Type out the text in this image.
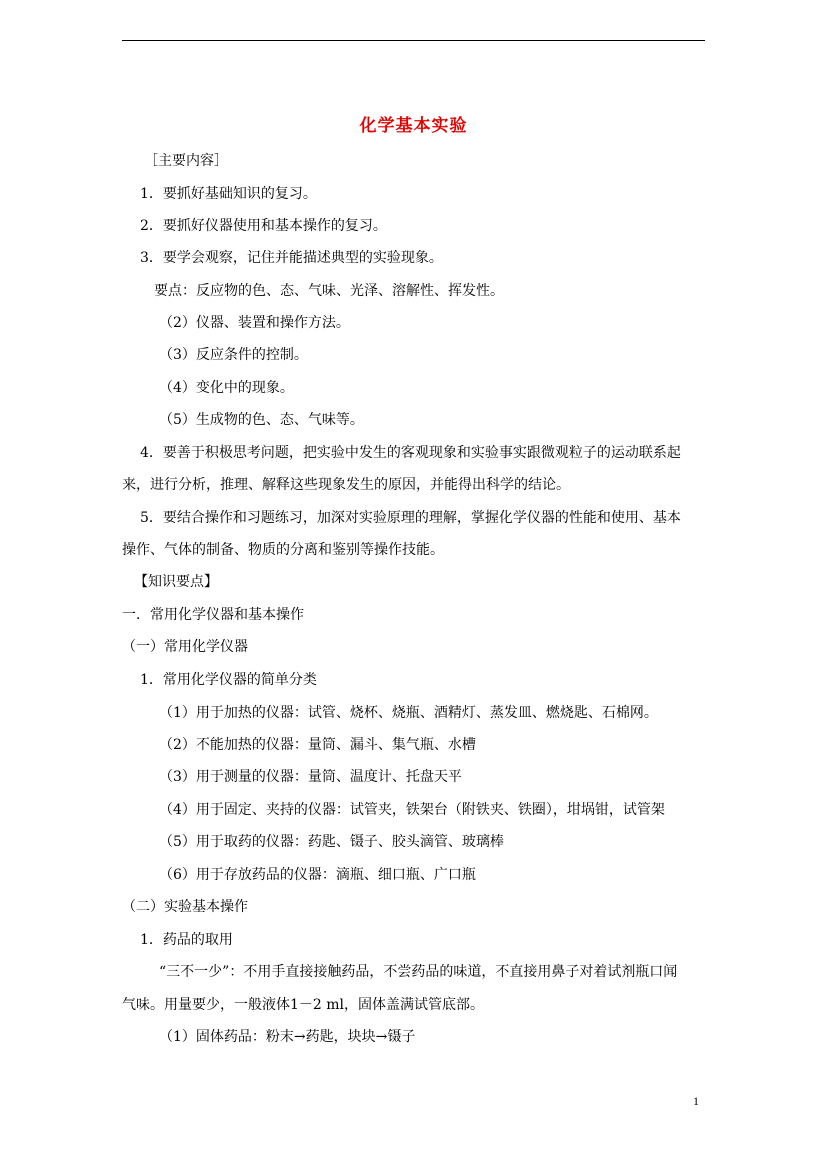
化学基本实验
［主要内容］
1．要抓好基础知识的复习。
2．要抓好仪器使用和基本操作的复习。
3．要学会观察，记住并能描述典型的实验现象。
要点：反应物的色、态、气味、光泽、溶解性、挥发性。
（2）仪器、装置和操作方法。
（3）反应条件的控制。
（4）变化中的现象。
（5）生成物的色、态、气味等。
4．要善于积极思考问题，把实验中发生的客观现象和实验事实跟微观粒子的运动联系起
来，进行分析，推理、解释这些现象发生的原因，并能得出科学的结论。
5．要结合操作和习题练习，加深对实验原理的理解，掌握化学仪器的性能和使用、基本
操作、气体的制备、物质的分离和鉴别等操作技能。
【知识要点】
一．常用化学仪器和基本操作
（一）常用化学仪器
1．常用化学仪器的简单分类
（1）用于加热的仪器：试管、烧杯、烧瓶、酒精灯、蒸发皿、燃烧匙、石棉网。
（2）不能加热的仪器：量筒、漏斗、集气瓶、水槽
（3）用于测量的仪器：量筒、温度计、托盘天平
（4）用于固定、夹持的仪器：试管夹，铁架台（附铁夹、铁圈），坩埚钳，试管架
（5）用于取药的仪器：药匙、镊子、胶头滴管、玻璃棒
（6）用于存放药品的仪器：滴瓶、细口瓶、广口瓶
（二）实验基本操作
1．药品的取用
“三不一少”：不用手直接接触药品，不尝药品的味道，不直接用鼻子对着试剂瓶口闻
气味。用量要少，一般液体1－2 ml，固体盖满试管底部。
（1）固体药品：粉末→药匙，块块→镊子
1
